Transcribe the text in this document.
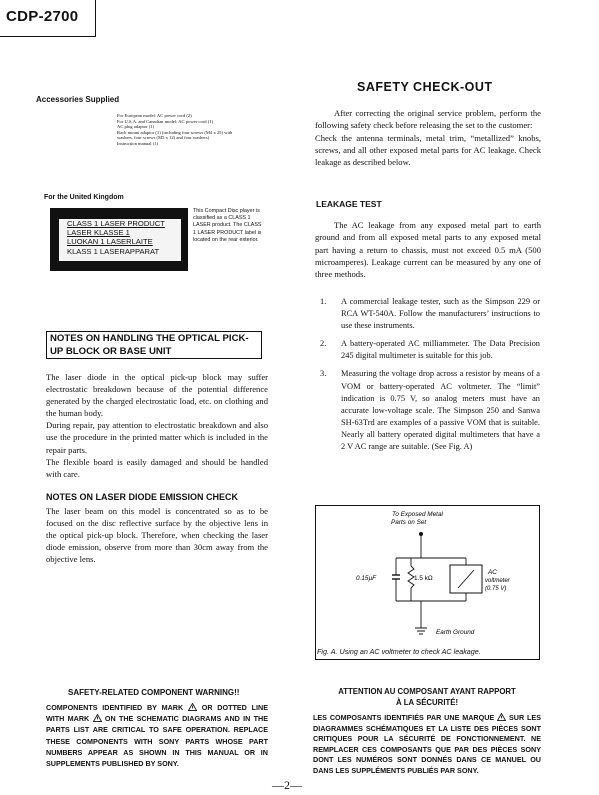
CDP-2700
Accessories Supplied
For European model: AC power cord (2)
For U.S.A. and Canadian model: AC power cord (1)
AC plug adaptor (1)
Rack mount adaptor (1) (including four screws (M4 x 25) with
washers, four screws (M5 x 12) and four washers)
Instruction manual (1)
For the United Kingdom
CLASS 1 LASER PRODUCT
LASER KLASSE 1
LUOKAN 1 LASERLAITE
KLASS 1 LASERAPPARAT
This Compact Disc player is classified as a CLASS 1 LASER product. The CLASS 1 LASER PRODUCT label is located on the rear exterior.
NOTES ON HANDLING THE OPTICAL PICK-UP BLOCK OR BASE UNIT
The laser diode in the optical pick-up block may suffer electrostatic breakdown because of the potential difference generated by the charged electrostatic load, etc. on clothing and the human body.
During repair, pay attention to electrostatic breakdown and also use the procedure in the printed matter which is included in the repair parts.
The flexible board is easily damaged and should be handled with care.
NOTES ON LASER DIODE EMISSION CHECK
The laser beam on this model is concentrated so as to be focused on the disc reflective surface by the objective lens in the optical pick-up block. Therefore, when checking the laser diode emission, observe from more than 30cm away from the objective lens.
SAFETY CHECK-OUT
After correcting the original service problem, perform the following safety check before releasing the set to the customer:
Check the antenna terminals, metal trim, “metallized” knobs, screws, and all other exposed metal parts for AC leakage. Check leakage as described below.
LEAKAGE TEST
The AC leakage from any exposed metal part to earth ground and from all exposed metal parts to any exposed metal part having a return to chassis, must not exceed 0.5 mA (500 microamperes). Leakage current can be measured by any one of three methods.
1. A commercial leakage tester, such as the Simpson 229 or RCA WT-540A. Follow the manufacturers’ instructions to use these instruments.
2. A battery-operated AC milliammeter. The Data Precision 245 digital multimeter is suitable for this job.
3. Measuring the voltage drop across a resistor by means of a VOM or battery-operated AC voltmeter. The “limit” indication is 0.75 V, so analog meters must have an accurate low-voltage scale. The Simpson 250 and Sanwa SH-63Trd are examples of a passive VOM that is suitable. Nearly all battery operated digital multimeters that have a 2 V AC range are suitable. (See Fig. A)
To Exposed Metal
Parts on Set
0.15µF	1.5 kΩ
AC
voltmeter
(0.75 V)
Earth Ground
Fig. A. Using an AC voltmeter to check AC leakage.
SAFETY-RELATED COMPONENT WARNING!!
COMPONENTS IDENTIFIED BY MARK	OR DOTTED LINE WITH MARK ON THE SCHEMATIC DIAGRAMS AND IN THE PARTS LIST ARE CRITICAL TO SAFE OPERATION. REPLACE THESE COMPONENTS WITH SONY PARTS WHOSE PART NUMBERS APPEAR AS SHOWN IN THIS MANUAL OR IN SUPPLEMENTS PUBLISHED BY SONY.
ATTENTION AU COMPOSANT AYANT RAPPORT
À LA SÉCURITÉ!
LES COMPOSANTS IDENTIFIÉS PAR UNE MARQUE SUR LES DIAGRAMMES SCHÉMATIQUES ET LA LISTE DES PIÈCES SONT CRITIQUES POUR LA SÉCURITÉ DE FONCTIONNEMENT. NE REMPLACER CES COMPOSANTS QUE PAR DES PIÈCES SONY DONT LES NUMÉROS SONT DONNÉS DANS CE MANUEL OU DANS LES SUPPLÉMENTS PUBLIÉS PAR SONY.
—2—
